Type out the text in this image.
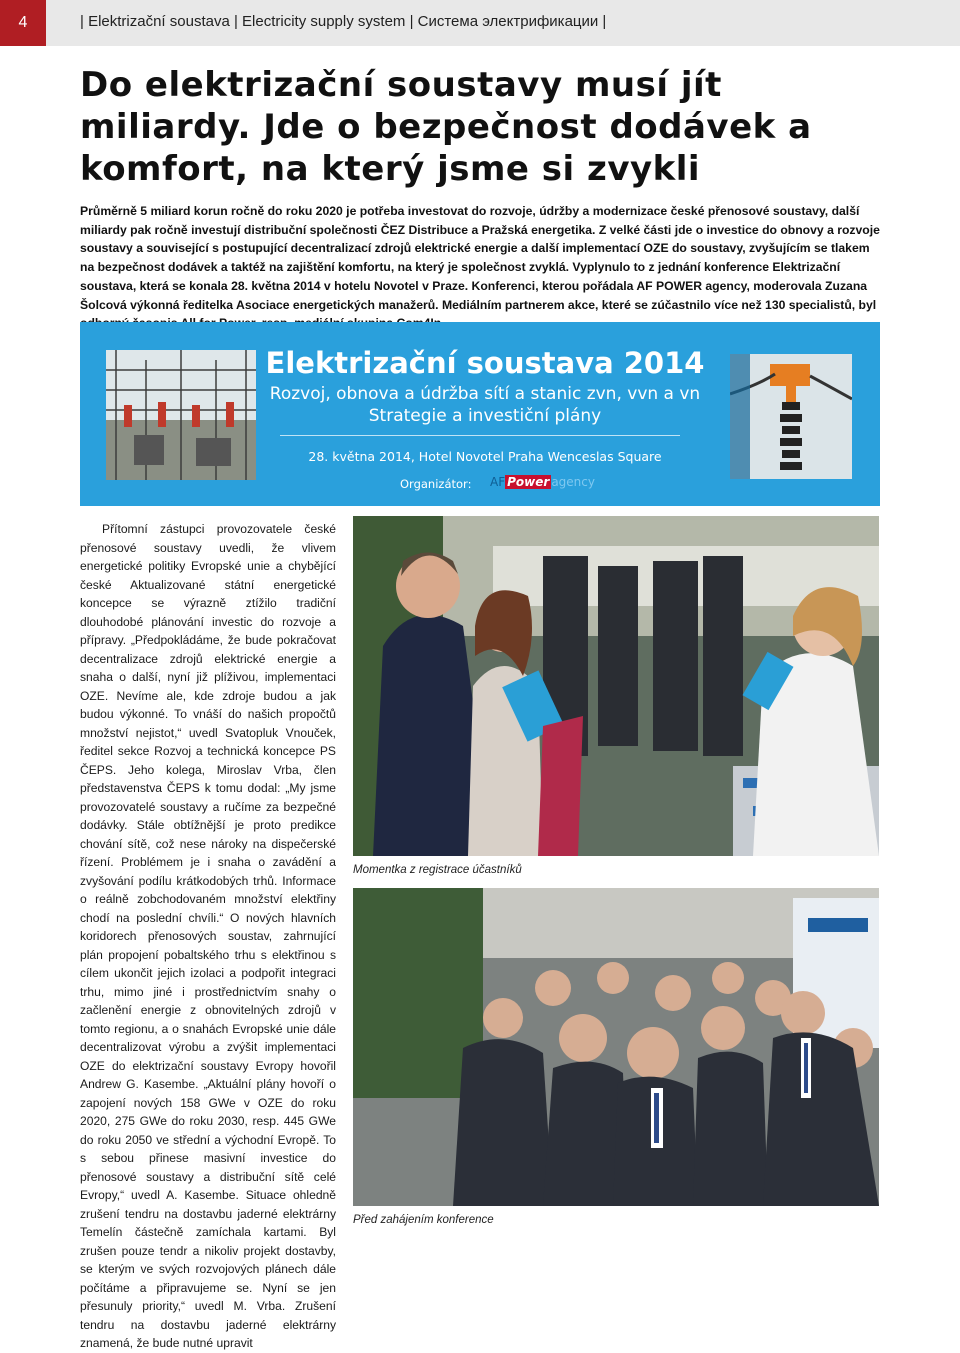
4	| Elektrizační soustava | Electricity supply system | Система электрификации |
Do elektrizační soustavy musí jít miliardy. Jde o bezpečnost dodávek a komfort, na který jsme si zvykli

Průměrně 5 miliard korun ročně do roku 2020 je potřeba investovat do rozvoje, údržby a modernizace české přenosové soustavy, další miliardy pak ročně investují distribuční společnosti ČEZ Distribuce a Pražská energetika. Z velké části jde o investice do obnovy a rozvoje soustavy a související s postupující decentralizací zdrojů elektrické energie a další implementací OZE do soustavy, zvyšujícím se tlakem na bezpečnost dodávek a taktéž na zajištění komfortu, na který je společnost zvyklá. Vyplynulo to z jednání konference Elektrizační soustava, která se konala 28. května 2014 v hotelu Novotel v Praze. Konferenci, kterou pořádala AF POWER agency, moderovala Zuzana Šolcová výkonná ředitelka Asociace energetických manažerů. Mediálním partnerem akce, které se zúčastnilo více než 130 specialistů, byl

Elektrizační soustava 2014
Rozvoj, obnova a údržba sítí a stanic zvn, vvn a vn
Strategie a investiční plány
28. května 2014, Hotel Novotel Praha Wenceslas Square
Organizátor: AF Power agency

Přítomní zástupci provozovatele české přenosové soustavy uvedli, že vlivem energetické politiky Evropské unie a chybějící české Aktualizované státní energetické koncepce se výrazně ztížilo tradiční dlouhodobé plánování investic do rozvoje a přípravy. „Předpokládáme, že bude pokračovat decentralizace zdrojů elektrické energie a snaha o další, nyní již plíživou, implementaci OZE. Nevíme ale, kde zdroje budou a jak budou výkonné. To vnáší do našich propočtů množství nejistot,“ uvedl Svatopluk Vnouček, ředitel sekce Rozvoj a technická koncepce PS ČEPS. Jeho kolega, Miroslav Vrba, člen představenstva ČEPS k tomu dodal: „My jsme provozovatelé soustavy a ručíme za bezpečné dodávky. Stále obtížnější je proto predikce chování sítě, což nese nároky na dispečerské řízení. Problémem je i snaha o zavádění a zvyšování podílu krátkodobých trhů. Informace o reálně zobchodovaném množství elektřiny chodí na poslední chvíli.“ O nových hlavních koridorech přenosových soustav, zahrnující plán propojení pobaltského trhu s elektřinou s cílem ukončit jejich izolaci a podpořit integraci trhu, mimo jiné i prostřednictvím snahy o začlenění energie z obnovitelných zdrojů v tomto regionu, a o snahách Evropské unie dále decentralizovat výrobu a zvýšit implementaci OZE do elektrizační soustavy Evropy hovořil Andrew G. Kasembe. „Aktuální plány hovoří o zapojení nových 158 GWe v OZE do roku 2020, 275 GWe do roku 2030, resp. 445 GWe do roku 2050 ve střední a východní Evropě. To s sebou přinese masivní investice do přenosové soustavy a distribuční sítě celé Evropy,“ uvedl A. Kasembe. Situace ohledně zrušení tendru na dostavbu jaderné elektrárny Temelín částečně zamíchala kartami. Byl zrušen pouze tendr a nikoliv projekt dostavby, se kterým ve svých rozvojových plánech dále počítáme a připravujeme se. Nyní se jen přesunuly priority,“ uvedl M. Vrba. Zrušení tendru na dostavbu jaderné elektrárny znamená, že bude nutné upravit

Momentka z registrace účastníků
Před zahájením konference
